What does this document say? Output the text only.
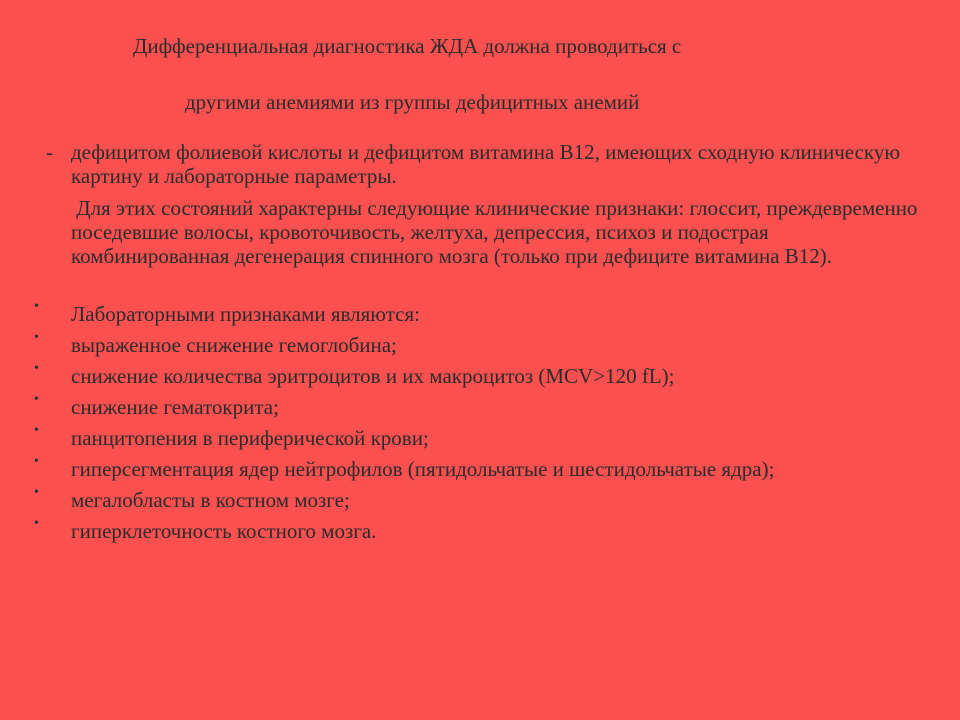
Дифференциальная диагностика ЖДА должна проводиться с
другими анемиями из группы дефицитных анемий
- дефицитом фолиевой кислоты и дефицитом витамина В12, имеющих сходную клиническую картину и лабораторные параметры.
Для этих состояний характерны следующие клинические признаки: глоссит, преждевременно поседевшие волосы, кровоточивость, желтуха, депрессия, психоз и подострая комбинированная дегенерация спинного мозга (только при дефиците витамина В12).
• Лабораторными признаками являются:
• выраженное снижение гемоглобина;
• снижение количества эритроцитов и их макроцитоз (MCV>120 fL);
• снижение гематокрита;
• панцитопения в периферической крови;
• гиперсегментация ядер нейтрофилов (пятидольчатые и шестидольчатые ядра);
• мегалобласты в костном мозге;
• гиперклеточность костного мозга.
